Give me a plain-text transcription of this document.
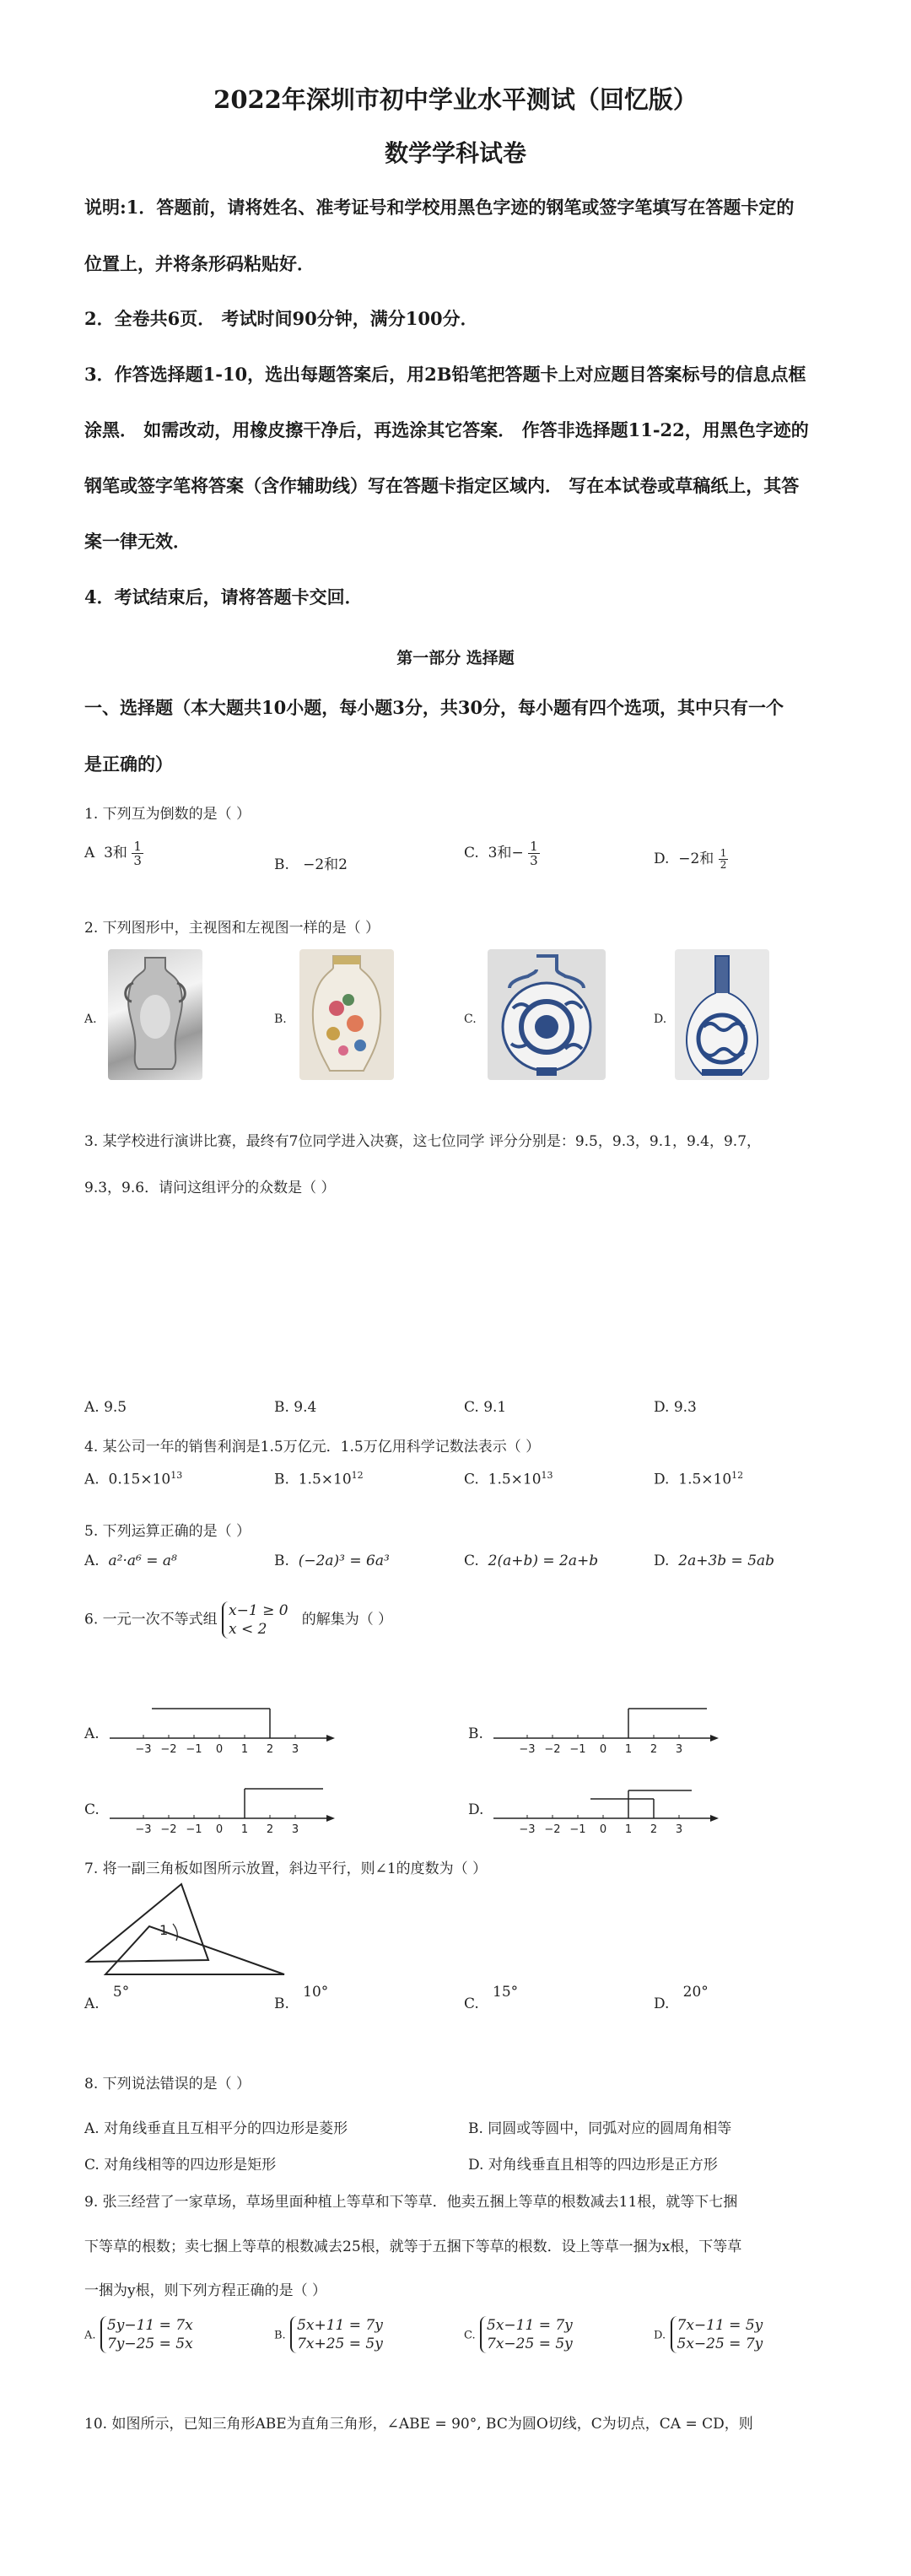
2022年深圳市初中学业水平测试（回忆版）
数学学科试卷
说明:1．答题前，请将姓名、准考证号和学校用黑色字迹的钢笔或签字笔填写在答题卡定的
位置上，并将条形码粘贴好．
2．全卷共6页． 考试时间90分钟，满分100分．
3．作答选择题1-10，选出每题答案后，用2B铅笔把答题卡上对应题目答案标号的信息点框
涂黑． 如需改动，用橡皮擦干净后，再选涂其它答案． 作答非选择题11-22，用黑色字迹的
钢笔或签字笔将答案（含作辅助线）写在答题卡指定区域内． 写在本试卷或草稿纸上，其答
案一律无效．
4．考试结束后，请将答题卡交回．
第一部分 选择题
一、选择题（本大题共10小题，每小题3分，共30分，每小题有四个选项，其中只有一个
是正确的）
1. 下列互为倒数的是（ ）
A 3和 $\frac{1}{3}$	B. −2和2
C. 3和− $\frac{1}{3}$	D. −2和 $\frac{1}{2}$
2. 下列图形中，主视图和左视图一样的是（ ）
A.	B.	C.	D.
3. 某学校进行演讲比赛，最终有7位同学进入决赛，这七位同学 评分分别是：9.5，9.3，9.1，9.4，9.7，
9.3，9.6．请问这组评分的众数是（ ）
A. 9.5	B. 9.4	C. 9.1	D. 9.3
4. 某公司一年的销售利润是1.5万亿元．1.5万亿用科学记数法表示（ ）
A. $0.15\times 10^{13}$	B. $1.5\times 10^{12}$	C. $1.5\times 10^{13}$	D. $1.5\times 10^{12}$
5. 下列运算正确的是（ ）
A. a²·a⁶ = a⁸	B. (−2a)³ = 6a³	C. 2(a+b) = 2a+b	D. 2a+3b = 5ab
6. 一元一次不等式组 x−1 ≥ 0
x < 2   的解集为（ ）
A.
−3 −2 −1 0 1 2 3
B.
−3 −2 −1 0 1 2 3
C.
−3 −2 −1 0 1 2 3
D.
−3 −2 −1 0 1 2 3
7. 将一副三角板如图所示放置，斜边平行，则∠1的度数为（ ）
1
A.   5°
B.   10°
C.   15°
D.   20°
8. 下列说法错误的是（ ）
A. 对角线垂直且互相平分的四边形是菱形	B. 同圆或等圆中，同弧对应的圆周角相等
C. 对角线相等的四边形是矩形	D. 对角线垂直且相等的四边形是正方形
9. 张三经营了一家草场，草场里面种植上等草和下等草．他卖五捆上等草的根数减去11根，就等下七捆
下等草的根数；卖七捆上等草的根数减去25根，就等于五捆下等草的根数．设上等草一捆为x根，下等草
一捆为y根，则下列方程正确的是（ ）
A. 5y−11 = 7x
7y−25 = 5x	B. 5x+11 = 7y
7x+25 = 5y	C. 5x−11 = 7y
7x−25 = 5y	D. 7x−11 = 5y
5x−25 = 7y
10. 如图所示，已知三角形ABE为直角三角形，∠ABE = 90°, BC为圆O切线，C为切点，CA = CD，则
